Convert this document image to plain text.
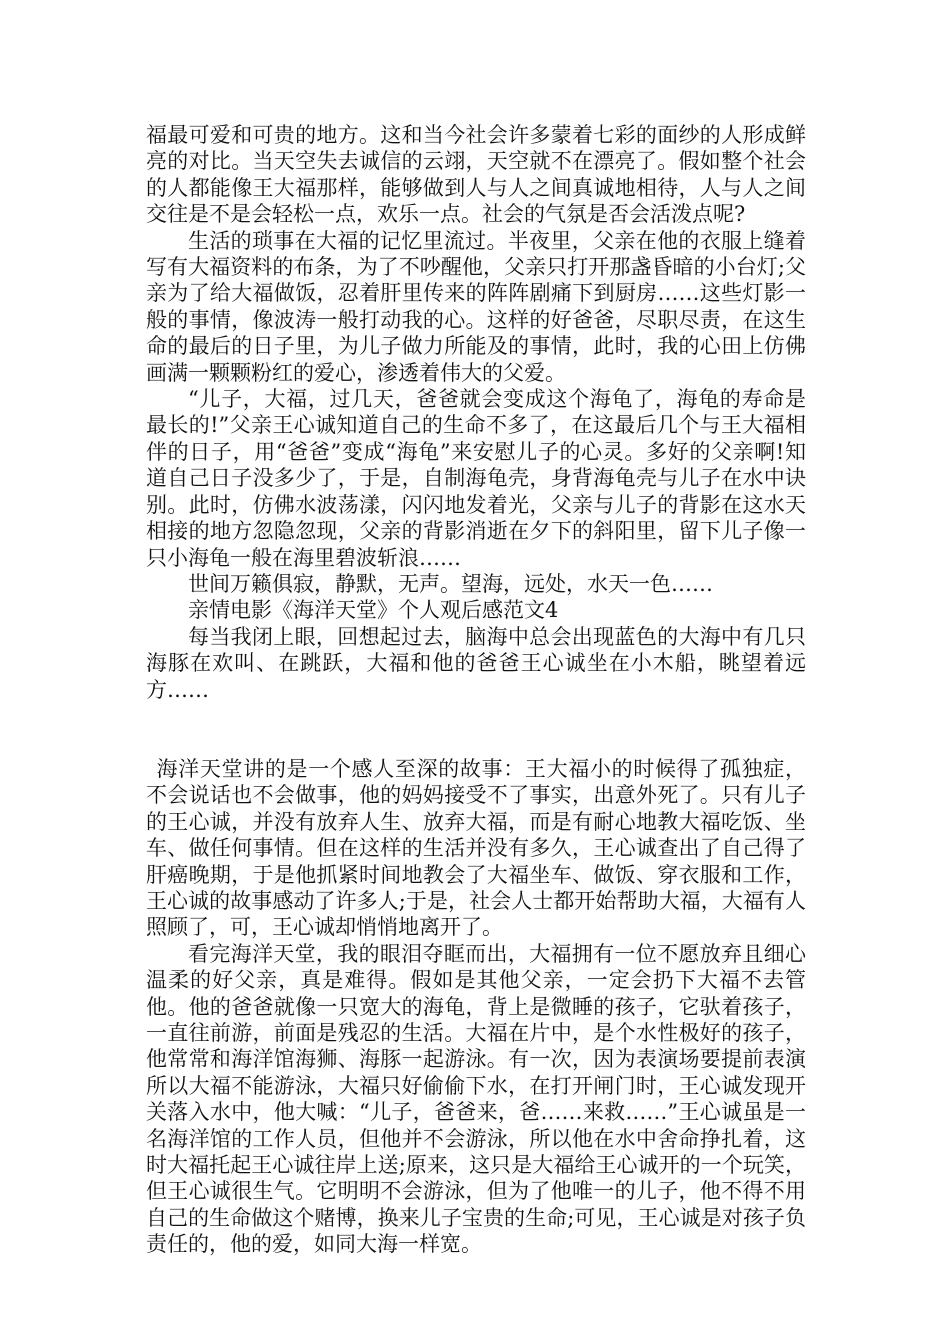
福最可爱和可贵的地方。这和当今社会许多蒙着七彩的面纱的人形成鲜亮的对比。当天空失去诚信的云翊，天空就不在漂亮了。假如整个社会的人都能像王大福那样，能够做到人与人之间真诚地相待，人与人之间交往是不是会轻松一点，欢乐一点。社会的气氛是否会活泼点呢?

生活的琐事在大福的记忆里流过。半夜里，父亲在他的衣服上缝着写有大福资料的布条，为了不吵醒他，父亲只打开那盏昏暗的小台灯;父亲为了给大福做饭，忍着肝里传来的阵阵剧痛下到厨房……这些灯影一般的事情，像波涛一般打动我的心。这样的好爸爸，尽职尽责，在这生命的最后的日子里，为儿子做力所能及的事情，此时，我的心田上仿佛画满一颗颗粉红的爱心，渗透着伟大的父爱。

“儿子，大福，过几天，爸爸就会变成这个海龟了，海龟的寿命是最长的!”父亲王心诚知道自己的生命不多了，在这最后几个与王大福相伴的日子，用“爸爸”变成“海龟”来安慰儿子的心灵。多好的父亲啊!知道自己日子没多少了，于是，自制海龟壳，身背海龟壳与儿子在水中诀别。此时，仿佛水波荡漾，闪闪地发着光，父亲与儿子的背影在这水天相接的地方忽隐忽现，父亲的背影消逝在夕下的斜阳里，留下儿子像一只小海龟一般在海里碧波斩浪……

世间万籁俱寂，静默，无声。望海，远处，水天一色……

亲情电影《海洋天堂》个人观后感范文4

每当我闭上眼，回想起过去，脑海中总会出现蓝色的大海中有几只海豚在欢叫、在跳跃，大福和他的爸爸王心诚坐在小木船，眺望着远方……

海洋天堂讲的是一个感人至深的故事：王大福小的时候得了孤独症，不会说话也不会做事，他的妈妈接受不了事实，出意外死了。只有儿子的王心诚，并没有放弃人生、放弃大福，而是有耐心地教大福吃饭、坐车、做任何事情。但在这样的生活并没有多久，王心诚查出了自己得了肝癌晚期，于是他抓紧时间地教会了大福坐车、做饭、穿衣服和工作，王心诚的故事感动了许多人;于是，社会人士都开始帮助大福，大福有人照顾了，可，王心诚却悄悄地离开了。

看完海洋天堂，我的眼泪夺眶而出，大福拥有一位不愿放弃且细心温柔的好父亲，真是难得。假如是其他父亲，一定会扔下大福不去管他。他的爸爸就像一只宽大的海龟，背上是微睡的孩子，它驮着孩子，一直往前游，前面是残忍的生活。大福在片中，是个水性极好的孩子，他常常和海洋馆海狮、海豚一起游泳。有一次，因为表演场要提前表演所以大福不能游泳，大福只好偷偷下水，在打开闸门时，王心诚发现开关落入水中，他大喊：“儿子，爸爸来，爸……来救……”王心诚虽是一名海洋馆的工作人员，但他并不会游泳，所以他在水中舍命挣扎着，这时大福托起王心诚往岸上送;原来，这只是大福给王心诚开的一个玩笑，但王心诚很生气。它明明不会游泳，但为了他唯一的儿子，他不得不用自己的生命做这个赌博，换来儿子宝贵的生命;可见，王心诚是对孩子负责任的，他的爱，如同大海一样宽。
